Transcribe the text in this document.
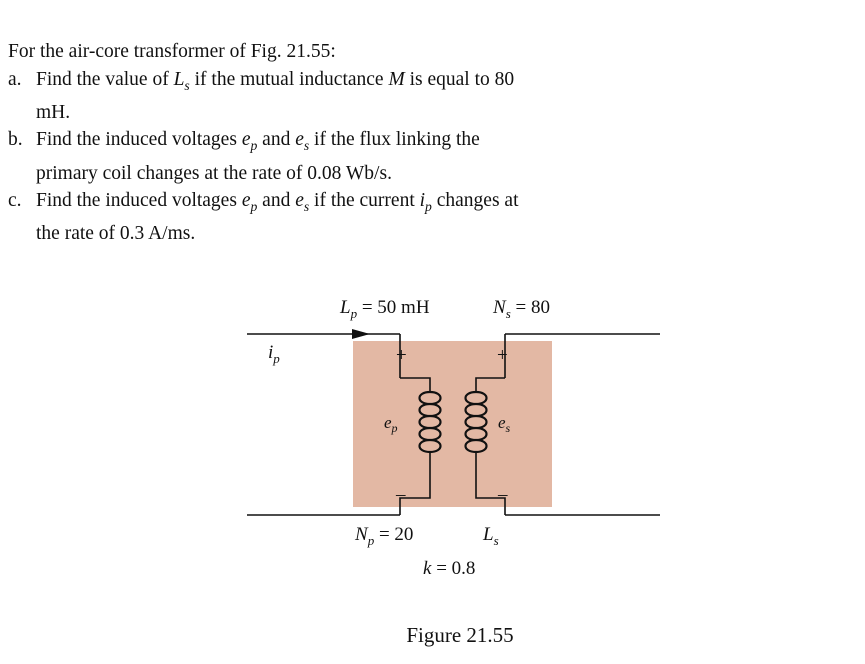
For the air-core transformer of Fig. 21.55:
a. Find the value of $L_s$ if the mutual inductance M is equal to 80 mH.
b. Find the induced voltages $e_p$ and $e_s$ if the flux linking the primary coil changes at the rate of 0.08 Wb/s.
c. Find the induced voltages $e_p$ and $e_s$ if the current $i_p$ changes at the rate of 0.3 A/ms.
$L_p = 50$ mH	$N_s = 80$
$i_p$	+	+
$e_p$	$e_s$
–	–
$N_p = 20$	$L_s$
k = 0.8
Figure 21.55
